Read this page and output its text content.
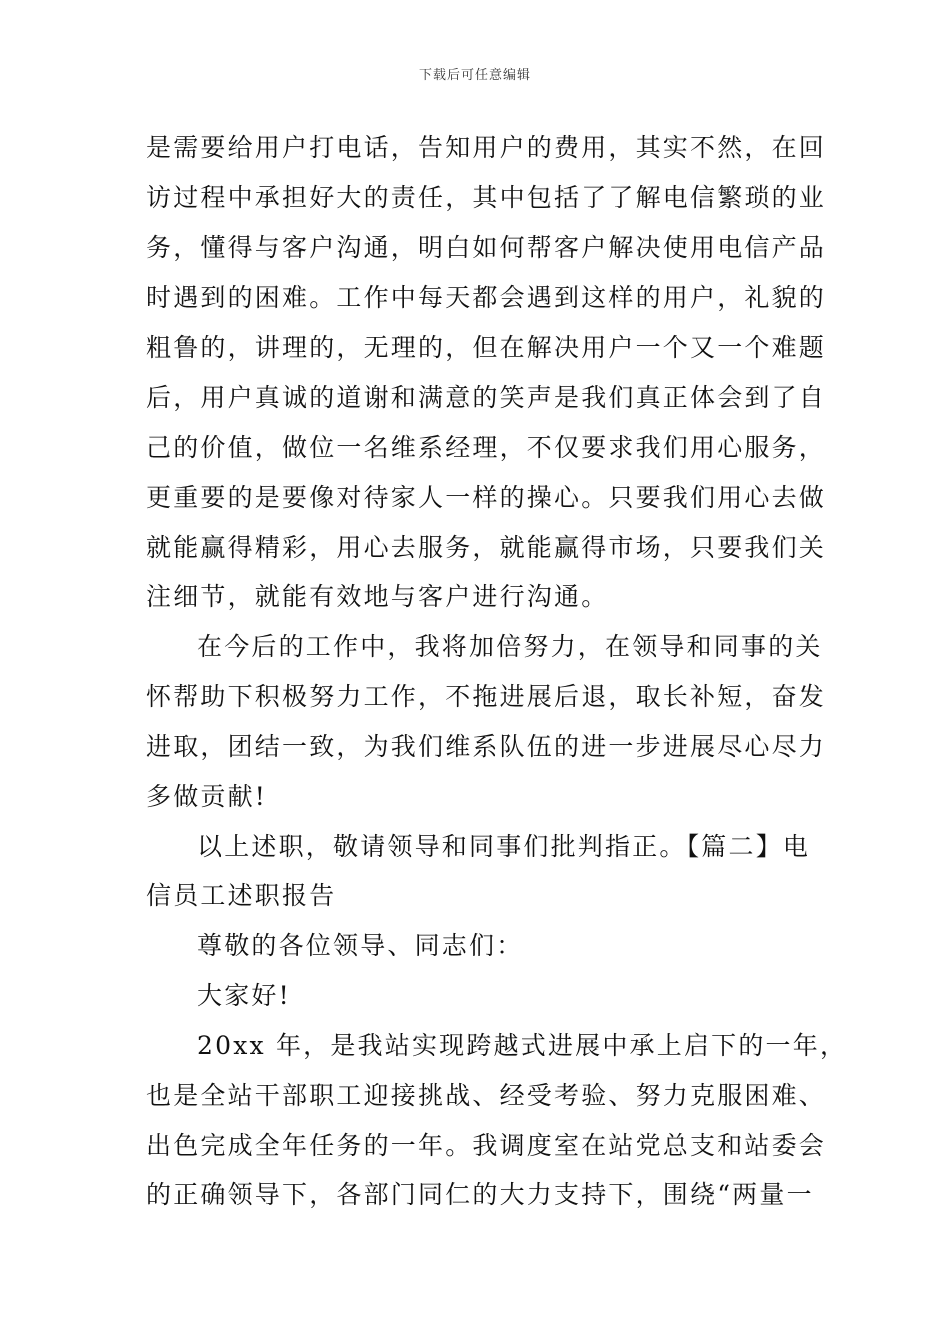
下载后可任意编辑
是需要给用户打电话，告知用户的费用，其实不然，在回
访过程中承担好大的责任，其中包括了了解电信繁琐的业
务，懂得与客户沟通，明白如何帮客户解决使用电信产品
时遇到的困难。工作中每天都会遇到这样的用户，礼貌的
粗鲁的，讲理的，无理的，但在解决用户一个又一个难题
后，用户真诚的道谢和满意的笑声是我们真正体会到了自
己的价值，做位一名维系经理，不仅要求我们用心服务，
更重要的是要像对待家人一样的操心。只要我们用心去做
就能赢得精彩，用心去服务，就能赢得市场，只要我们关
注细节，就能有效地与客户进行沟通。
在今后的工作中，我将加倍努力，在领导和同事的关
怀帮助下积极努力工作，不拖进展后退，取长补短，奋发
进取，团结一致，为我们维系队伍的进一步进展尽心尽力
多做贡献!
以上述职，敬请领导和同事们批判指正。【篇二】电
信员工述职报告
尊敬的各位领导、同志们：
大家好!
20xx 年，是我站实现跨越式进展中承上启下的一年，
也是全站干部职工迎接挑战、经受考验、努力克服困难、
出色完成全年任务的一年。我调度室在站党总支和站委会
的正确领导下，各部门同仁的大力支持下，围绕“两量一
